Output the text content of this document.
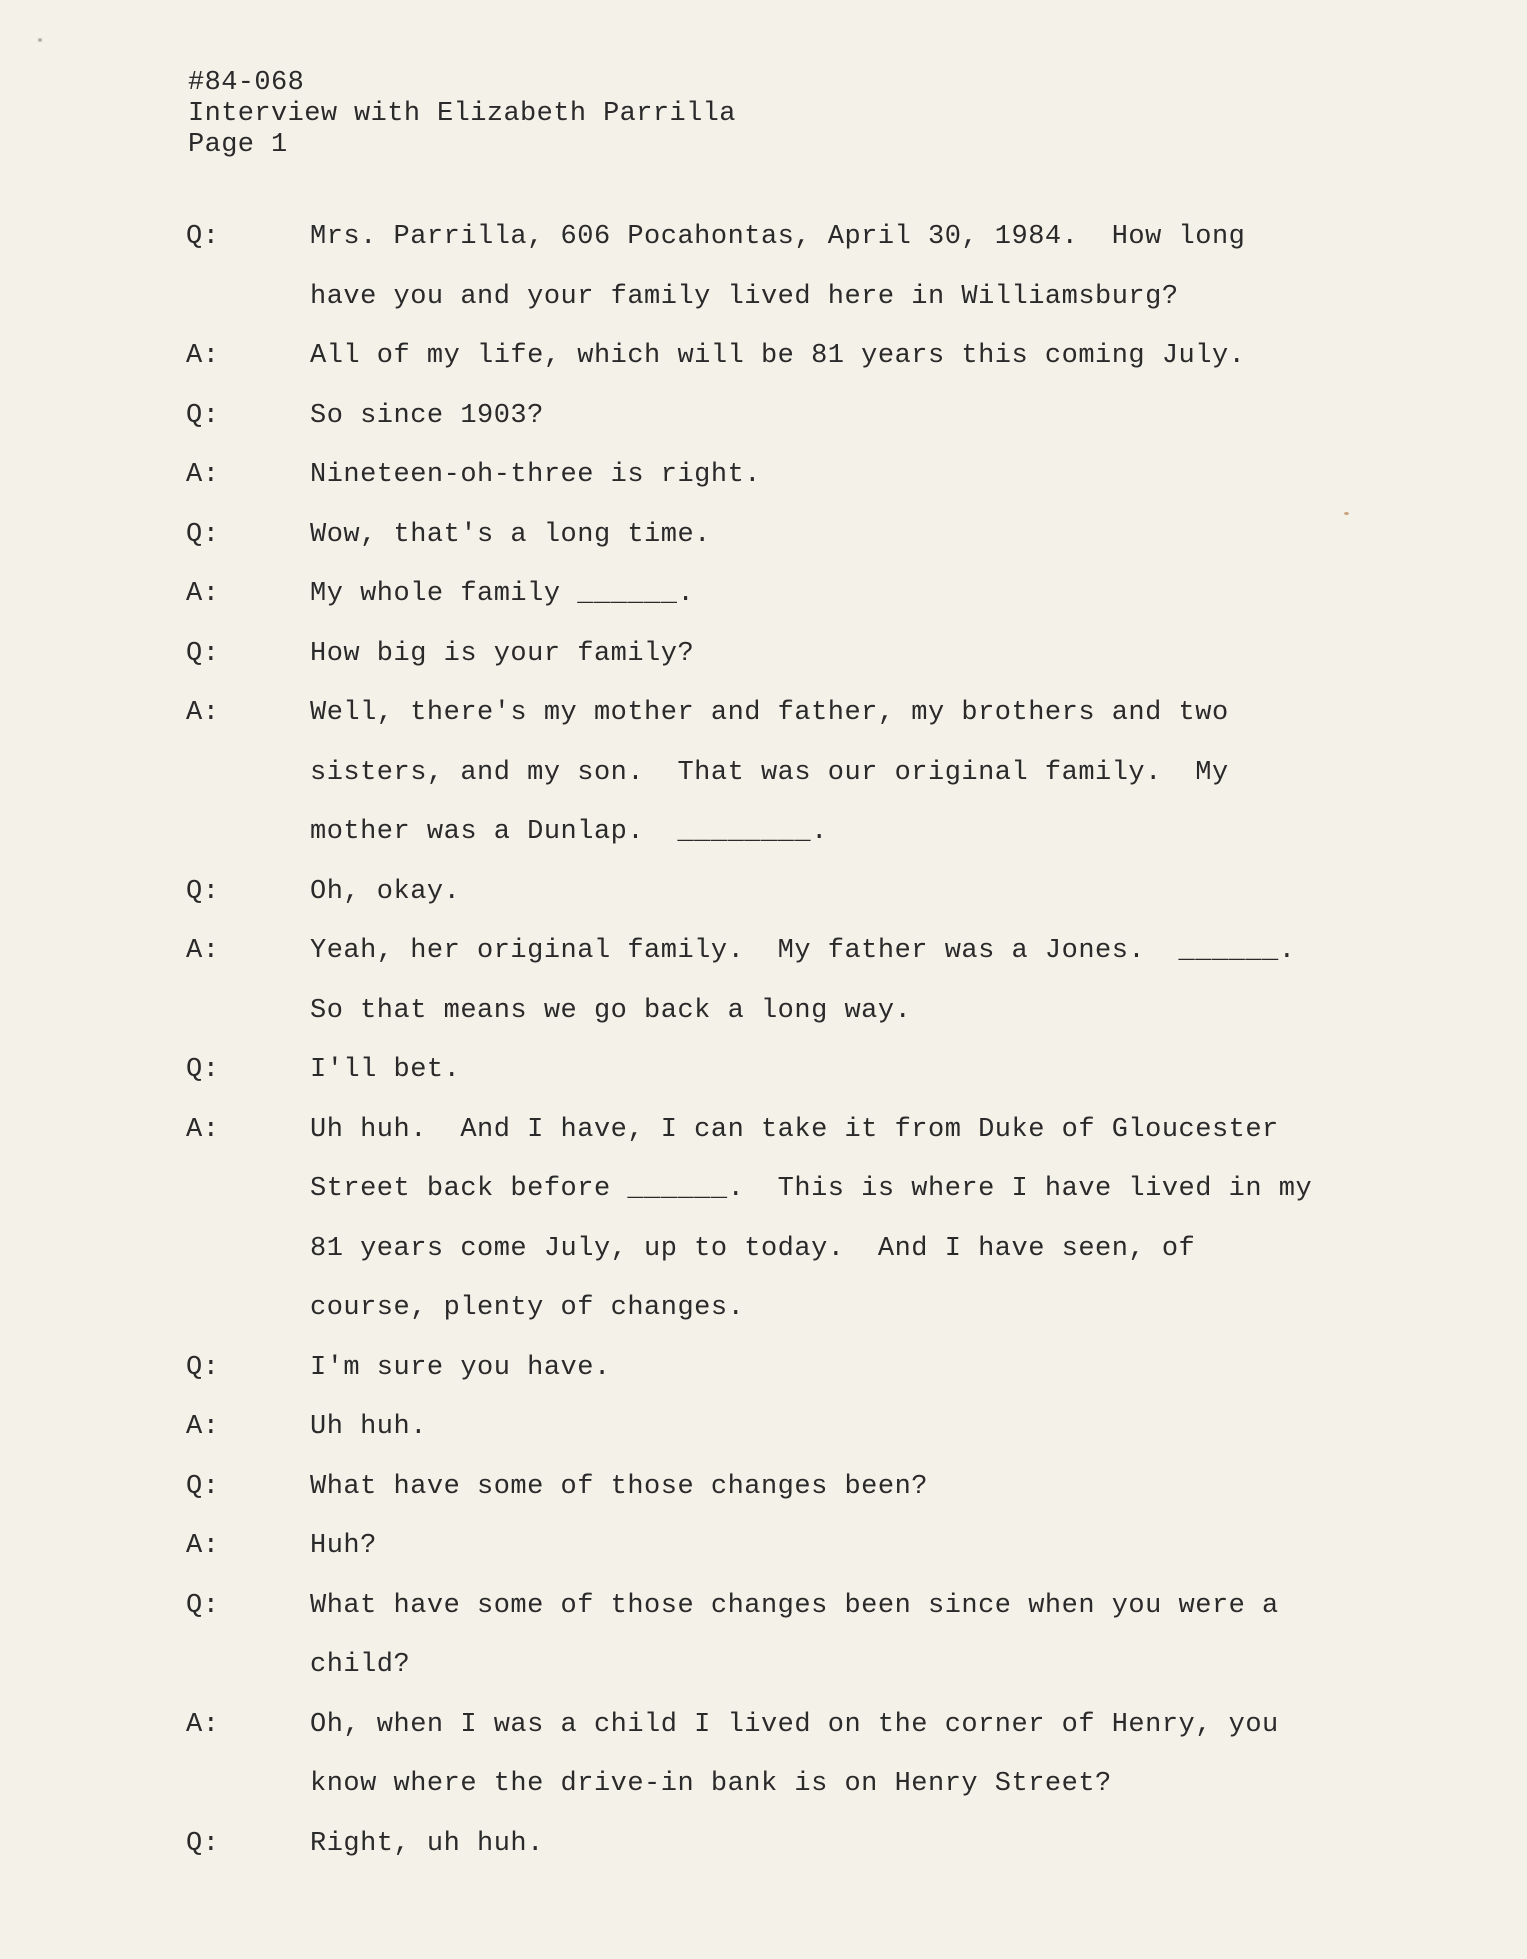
#84-068
Interview with Elizabeth Parrilla
Page 1
Q:	Mrs. Parrilla, 606 Pocahontas, April 30, 1984.  How long
have you and your family lived here in Williamsburg?
A:	All of my life, which will be 81 years this coming July.
Q:	So since 1903?
A:	Nineteen-oh-three is right.
Q:	Wow, that's a long time.
A:	My whole family ______.
Q:	How big is your family?
A:	Well, there's my mother and father, my brothers and two
sisters, and my son.  That was our original family.  My
mother was a Dunlap.  ________.
Q:	Oh, okay.
A:	Yeah, her original family.  My father was a Jones.  ______.
So that means we go back a long way.
Q:	I'll bet.
A:	Uh huh.  And I have, I can take it from Duke of Gloucester
Street back before ______.  This is where I have lived in my
81 years come July, up to today.  And I have seen, of
course, plenty of changes.
Q:	I'm sure you have.
A:	Uh huh.
Q:	What have some of those changes been?
A:	Huh?
Q:	What have some of those changes been since when you were a
child?
A:	Oh, when I was a child I lived on the corner of Henry, you
know where the drive-in bank is on Henry Street?
Q:	Right, uh huh.
